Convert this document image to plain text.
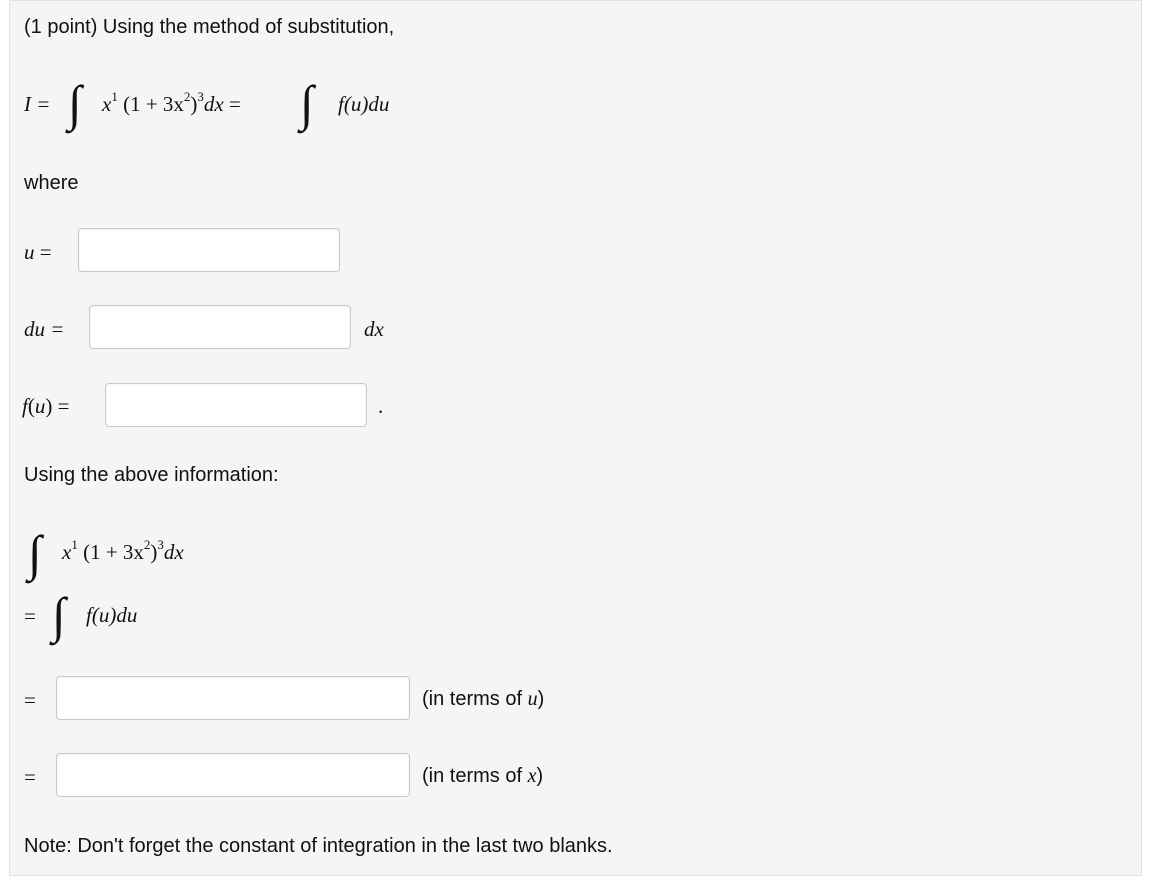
(1 point) Using the method of substitution,
I = ∫ $x^1$ $(1 + 3x^2)^3dx$ = ∫ f(u)du
where
u =
du =	dx
f(u) =	.
Using the above information:
∫ $x^1$ $(1 + 3x^2)^3dx$
= ∫ f(u)du
=	(in terms of u)
=	(in terms of x)
Note: Don't forget the constant of integration in the last two blanks.
